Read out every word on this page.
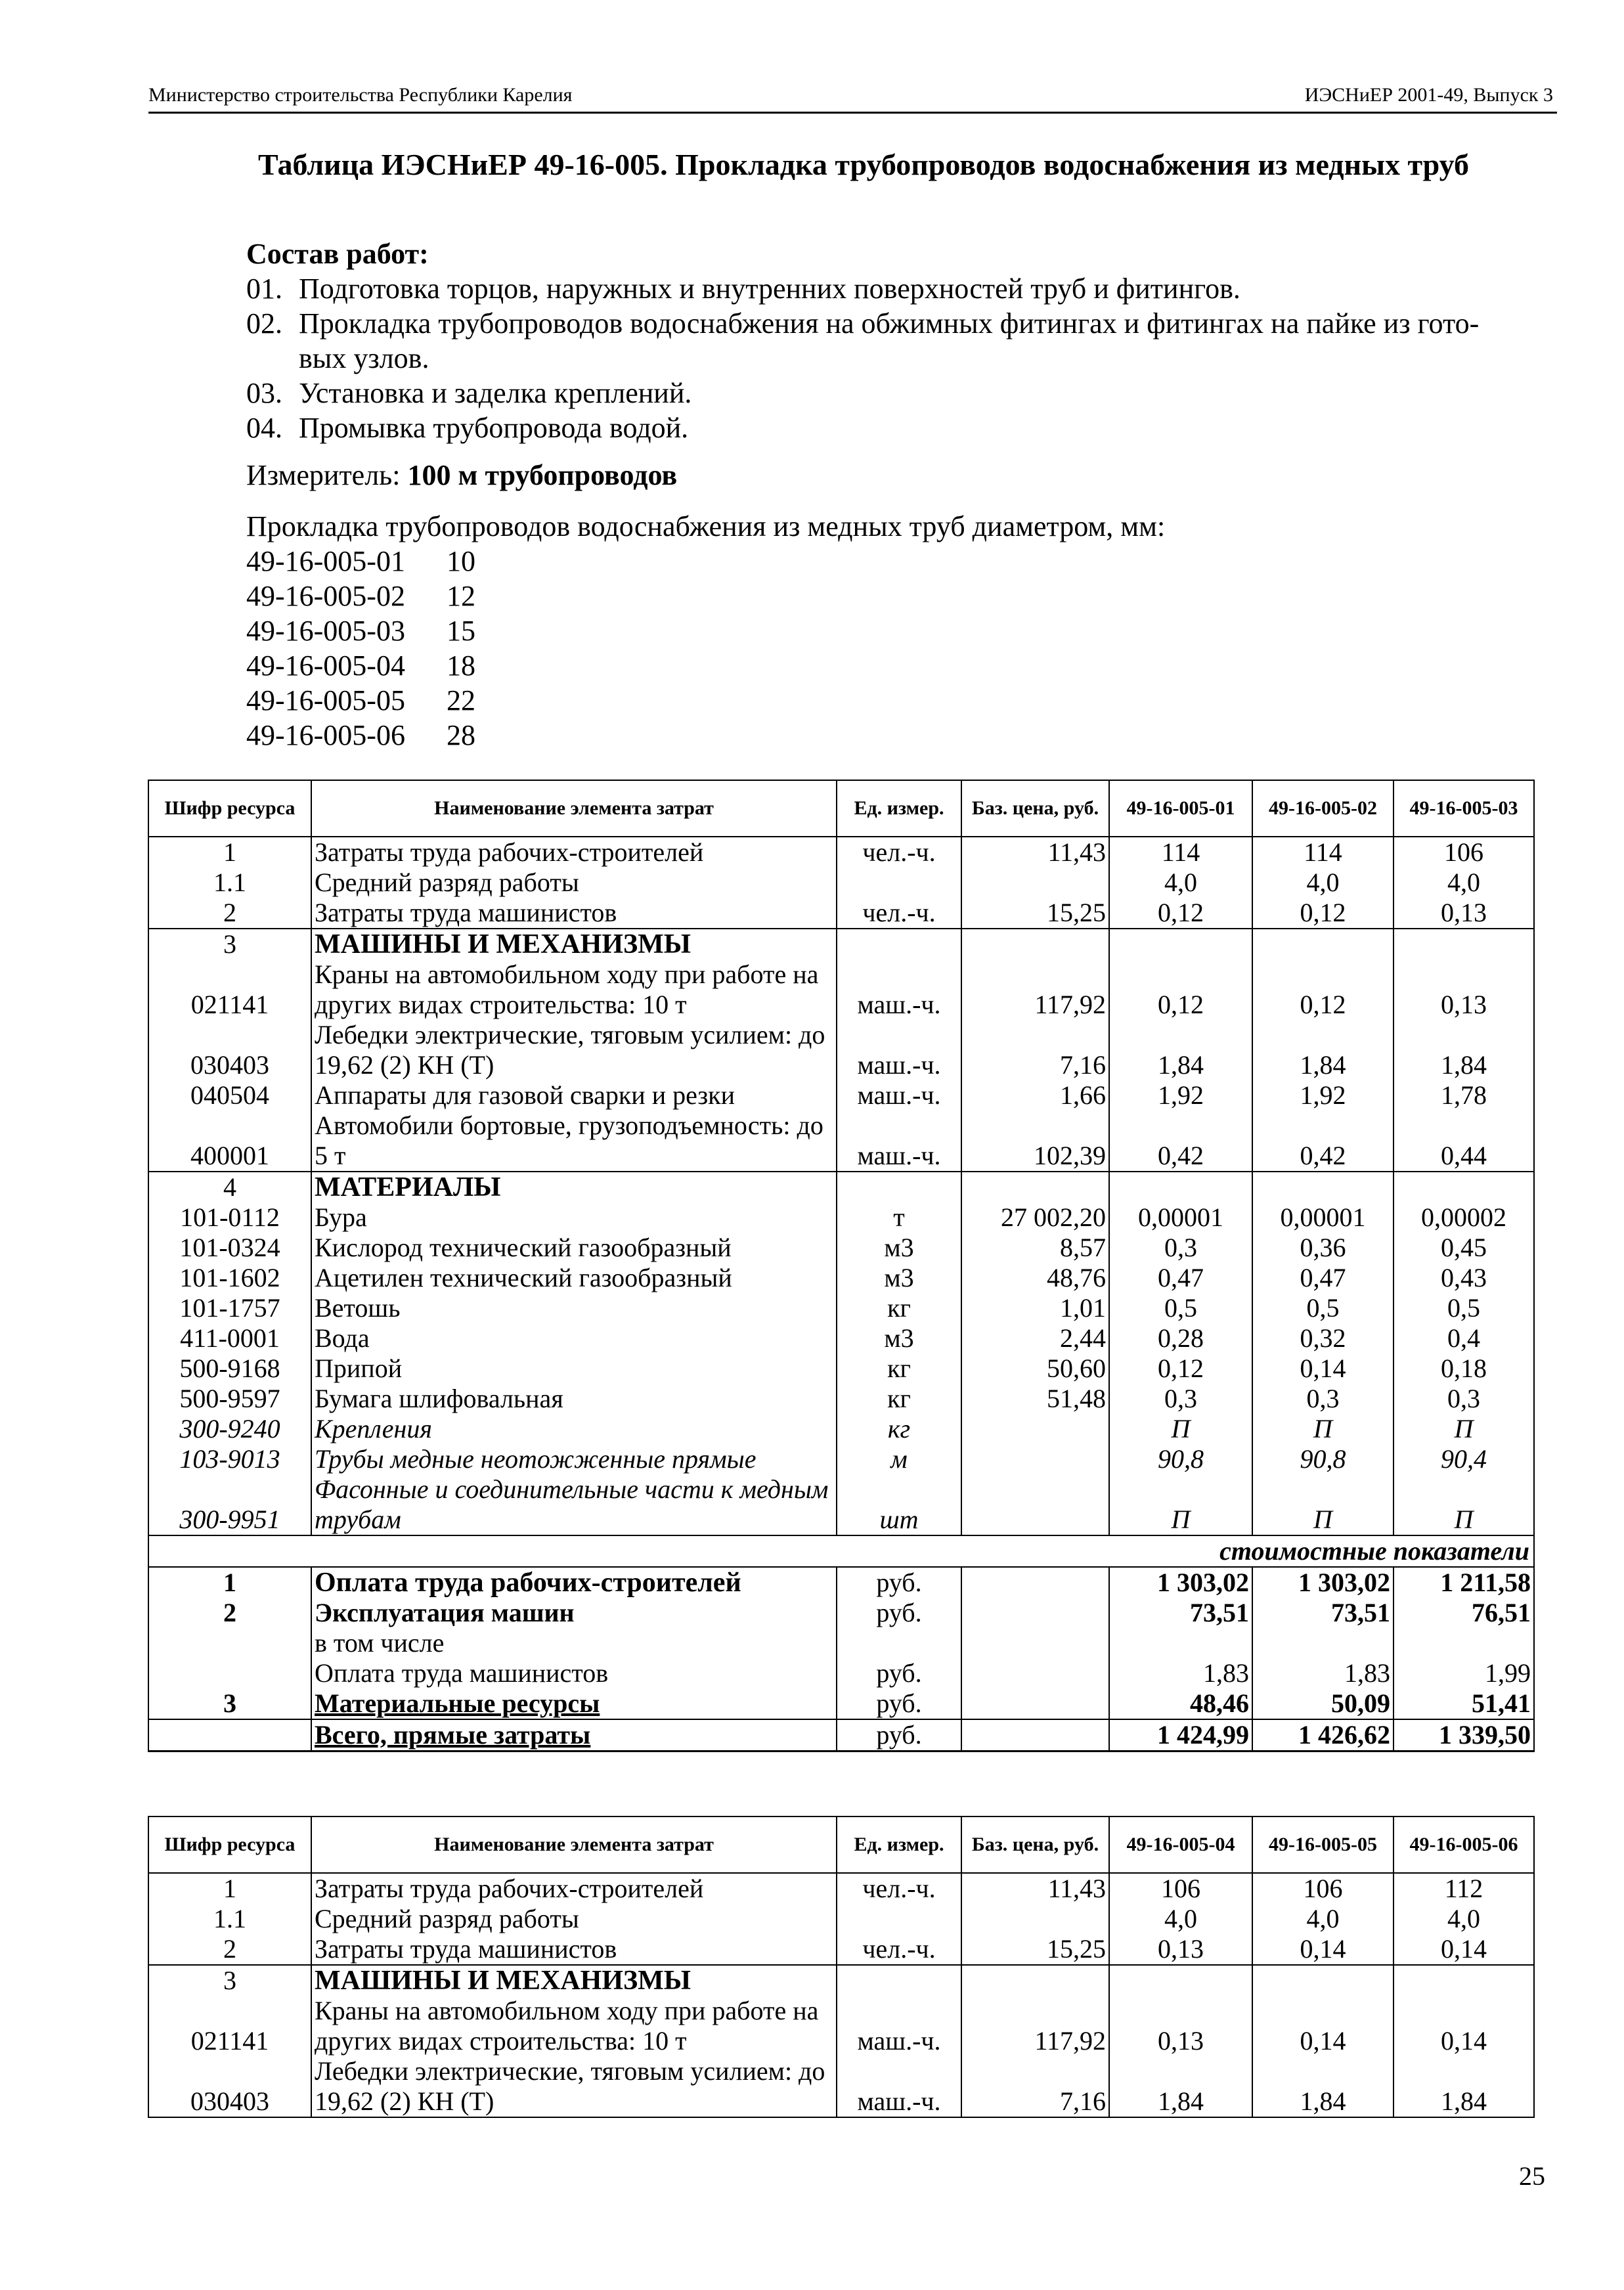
Министерство строительства Республики Карелия	ИЭСНиЕР 2001-49, Выпуск 3
Таблица ИЭСНиЕР 49-16-005. Прокладка трубопроводов водоснабжения из медных труб
Состав работ:
01. Подготовка торцов, наружных и внутренних поверхностей труб и фитингов.
02. Прокладка трубопроводов водоснабжения на обжимных фитингах и фитингах на пайке из гото-
вых узлов.
03. Установка и заделка креплений.
04. Промывка трубопровода водой.
Измеритель: 100 м трубопроводов
Прокладка трубопроводов водоснабжения из медных труб диаметром, мм:
49-16-005-01	10
49-16-005-02	12
49-16-005-03	15
49-16-005-04	18
49-16-005-05	22
49-16-005-06	28
Шифр ресурса	Наименование элемента затрат	Ед. измер.	Баз. цена, руб.	49-16-005-01	49-16-005-02	49-16-005-03
1	Затраты труда рабочих-строителей	чел.-ч.	11,43	114	114	106
1.1	Средний разряд работы			4,0	4,0	4,0
2	Затраты труда машинистов	чел.-ч.	15,25	0,12	0,12	0,13
3	МАШИНЫ И МЕХАНИЗМЫ					
021141	Краны на автомобильном ходу при работе на других видах строительства: 10 т	маш.-ч.	117,92	0,12	0,12	0,13
030403	Лебедки электрические, тяговым усилием: до 19,62 (2) КН (Т)	маш.-ч.	7,16	1,84	1,84	1,84
040504	Аппараты для газовой сварки и резки	маш.-ч.	1,66	1,92	1,92	1,78
400001	Автомобили бортовые, грузоподъемность: до 5 т	маш.-ч.	102,39	0,42	0,42	0,44
4	МАТЕРИАЛЫ					
101-0112	Бура	т	27 002,20	0,00001	0,00001	0,00002
101-0324	Кислород технический газообразный	м3	8,57	0,3	0,36	0,45
101-1602	Ацетилен технический газообразный	м3	48,76	0,47	0,47	0,43
101-1757	Ветошь	кг	1,01	0,5	0,5	0,5
411-0001	Вода	м3	2,44	0,28	0,32	0,4
500-9168	Припой	кг	50,60	0,12	0,14	0,18
500-9597	Бумага шлифовальная	кг	51,48	0,3	0,3	0,3
300-9240	Крепления	кг		П	П	П
103-9013	Трубы медные неотожженные прямые	м		90,8	90,8	90,4
300-9951	Фасонные и соединительные части к медным трубам	шт		П	П	П
стоимостные показатели						
1	Оплата труда рабочих-строителей	руб.		1 303,02	1 303,02	1 211,58
2	Эксплуатация машин	руб.		73,51	73,51	76,51
	в том числе					
	Оплата труда машинистов	руб.		1,83	1,83	1,99
3	Материальные ресурсы	руб.		48,46	50,09	51,41
	Всего, прямые затраты	руб.		1 424,99	1 426,62	1 339,50
Шифр ресурса	Наименование элемента затрат	Ед. измер.	Баз. цена, руб.	49-16-005-04	49-16-005-05	49-16-005-06
1	Затраты труда рабочих-строителей	чел.-ч.	11,43	106	106	112
1.1	Средний разряд работы			4,0	4,0	4,0
2	Затраты труда машинистов	чел.-ч.	15,25	0,13	0,14	0,14
3	МАШИНЫ И МЕХАНИЗМЫ					
021141	Краны на автомобильном ходу при работе на других видах строительства: 10 т	маш.-ч.	117,92	0,13	0,14	0,14
030403	Лебедки электрические, тяговым усилием: до 19,62 (2) КН (Т)	маш.-ч.	7,16	1,84	1,84	1,84
25
